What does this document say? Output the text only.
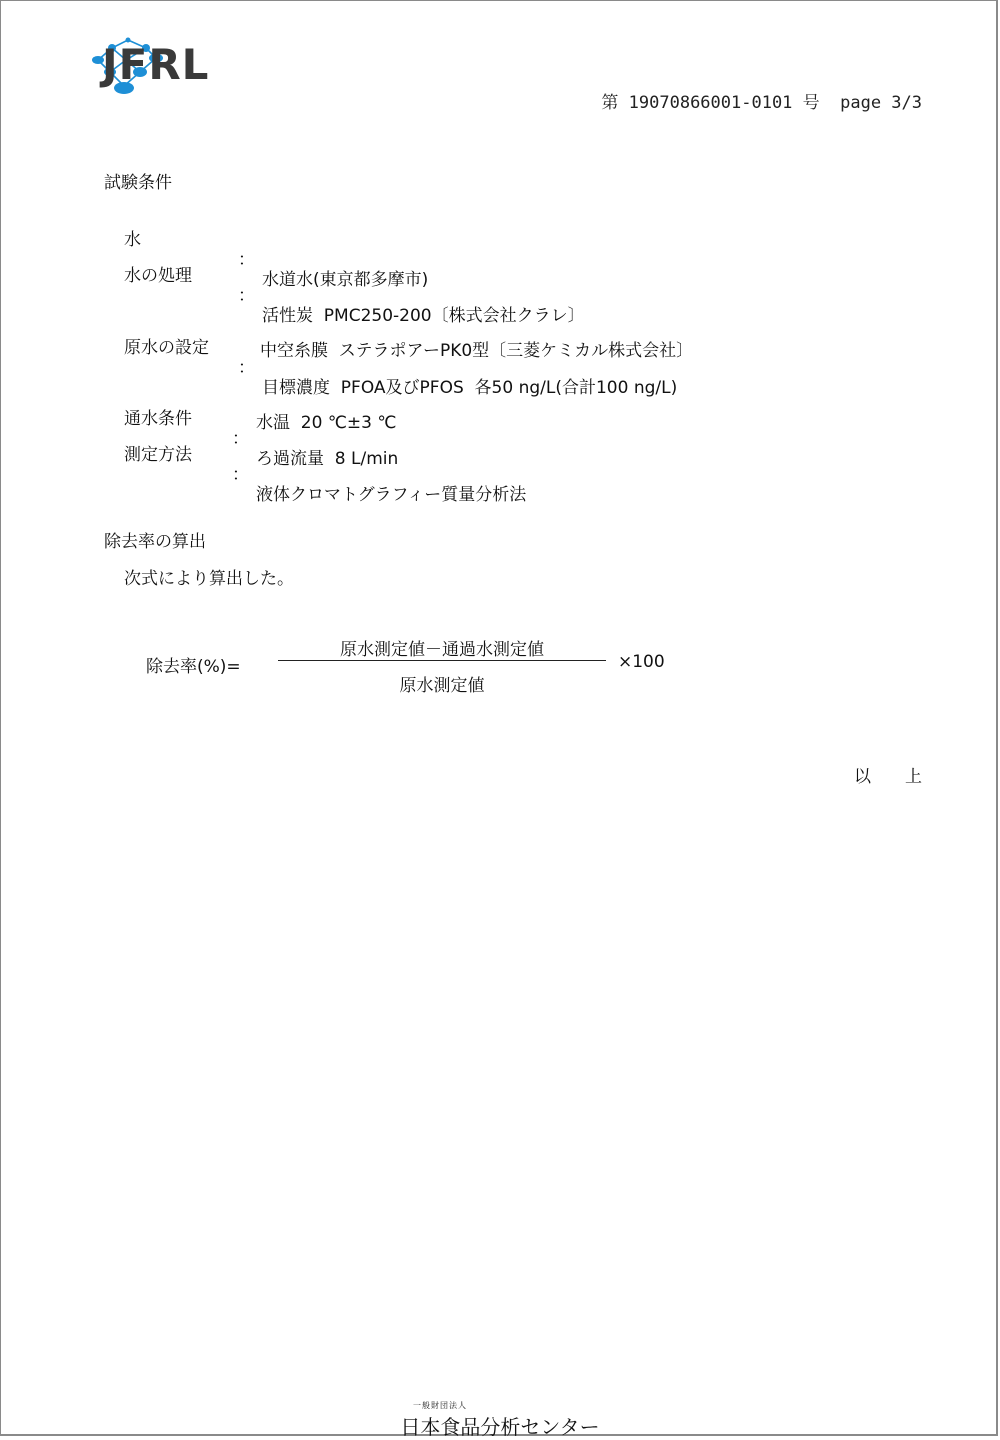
JFRL
第 19070866001-0101 号  page 3/3
試験条件

水

：

水道水(東京都多摩市)

水の処理

：

活性炭  PMC250-200〔株式会社クラレ〕

中空糸膜  ステラポアーPK0型〔三菱ケミカル株式会社〕

原水の設定

：

目標濃度  PFOA及びPFOS  各50 ng/L(合計100 ng/L)

水温  20 ℃±3 ℃

通水条件

：

ろ過流量  8 L/min

測定方法

：

液体クロマトグラフィー質量分析法

除去率の算出
次式により算出した。
除去率(%)=
原水測定値－通過水測定値
原水測定値
×100
以　　上
一般財団法人
日本食品分析センター
